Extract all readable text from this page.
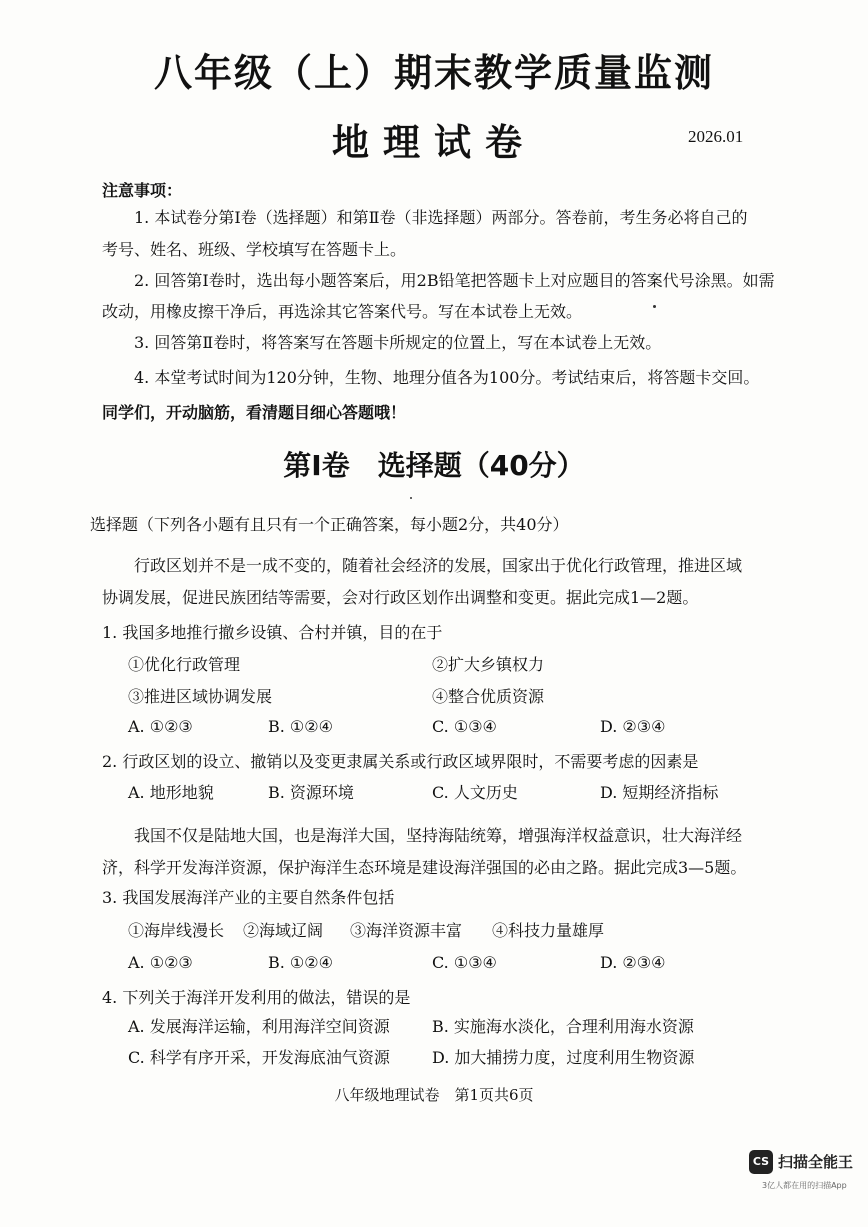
八年级（上）期末教学质量监测
地理试卷	2026.01
注意事项：
1. 本试卷分第Ⅰ卷（选择题）和第Ⅱ卷（非选择题）两部分。答卷前，考生务必将自己的
考号、姓名、班级、学校填写在答题卡上。
2. 回答第Ⅰ卷时，选出每小题答案后，用2B铅笔把答题卡上对应题目的答案代号涂黑。如需
改动，用橡皮擦干净后，再选涂其它答案代号。写在本试卷上无效。
3. 回答第Ⅱ卷时，将答案写在答题卡所规定的位置上，写在本试卷上无效。
4. 本堂考试时间为120分钟，生物、地理分值各为100分。考试结束后，将答题卡交回。
同学们，开动脑筋，看清题目细心答题哦！
第Ⅰ卷　选择题（40分）
选择题（下列各小题有且只有一个正确答案，每小题2分，共40分）
行政区划并不是一成不变的，随着社会经济的发展，国家出于优化行政管理，推进区域
协调发展，促进民族团结等需要，会对行政区划作出调整和变更。据此完成1—2题。
1. 我国多地推行撤乡设镇、合村并镇，目的在于
①优化行政管理	②扩大乡镇权力
③推进区域协调发展	④整合优质资源
A. ①②③	B. ①②④	C. ①③④	D. ②③④
2. 行政区划的设立、撤销以及变更隶属关系或行政区域界限时，不需要考虑的因素是
A. 地形地貌	B. 资源环境	C. 人文历史	D. 短期经济指标
我国不仅是陆地大国，也是海洋大国，坚持海陆统筹，增强海洋权益意识，壮大海洋经
济，科学开发海洋资源，保护海洋生态环境是建设海洋强国的必由之路。据此完成3—5题。
3. 我国发展海洋产业的主要自然条件包括
①海岸线漫长 ②海域辽阔 ③海洋资源丰富 ④科技力量雄厚
A. ①②③	B. ①②④	C. ①③④	D. ②③④
4. 下列关于海洋开发利用的做法，错误的是
A. 发展海洋运输，利用海洋空间资源	B. 实施海水淡化，合理利用海水资源
C. 科学有序开采，开发海底油气资源	D. 加大捕捞力度，过度利用生物资源
八年级地理试卷　第1页共6页
CS 扫描全能王
3亿人都在用的扫描App
